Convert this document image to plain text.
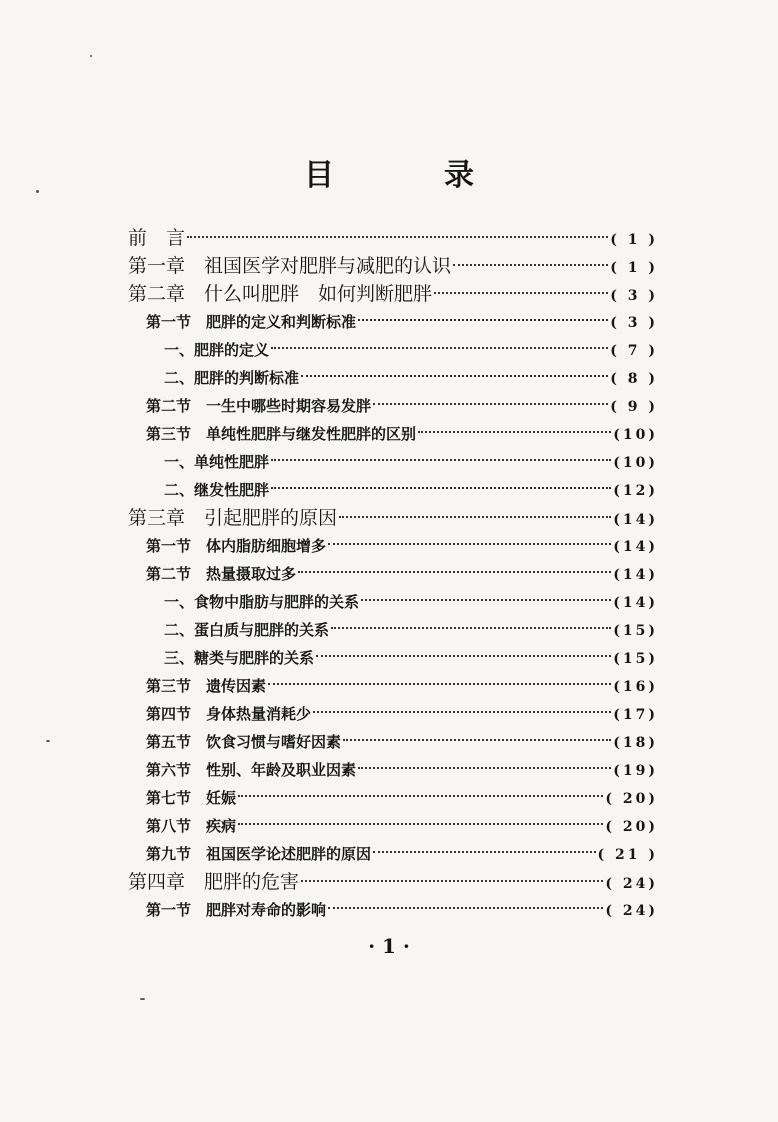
目　录
前　言	( 1 )
第一章　祖国医学对肥胖与减肥的认识	( 1 )
第二章　什么叫肥胖　如何判断肥胖	( 3 )
第一节　肥胖的定义和判断标准	( 3 )
一、肥胖的定义	( 7 )
二、肥胖的判断标准	( 8 )
第二节　一生中哪些时期容易发胖	( 9 )
第三节　单纯性肥胖与继发性肥胖的区别	(10)
一、单纯性肥胖	(10)
二、继发性肥胖	(12)
第三章　引起肥胖的原因	(14)
第一节　体内脂肪细胞增多	(14)
第二节　热量摄取过多	(14)
一、食物中脂肪与肥胖的关系	(14)
二、蛋白质与肥胖的关系	(15)
三、糖类与肥胖的关系	(15)
第三节　遗传因素	(16)
第四节　身体热量消耗少	(17)
第五节　饮食习惯与嗜好因素	(18)
第六节　性别、年龄及职业因素	(19)
第七节　妊娠	( 20)
第八节　疾病	( 20)
第九节　祖国医学论述肥胖的原因	( 21 )
第四章　肥胖的危害	( 24)
第一节　肥胖对寿命的影响	( 24)
· 1 ·
